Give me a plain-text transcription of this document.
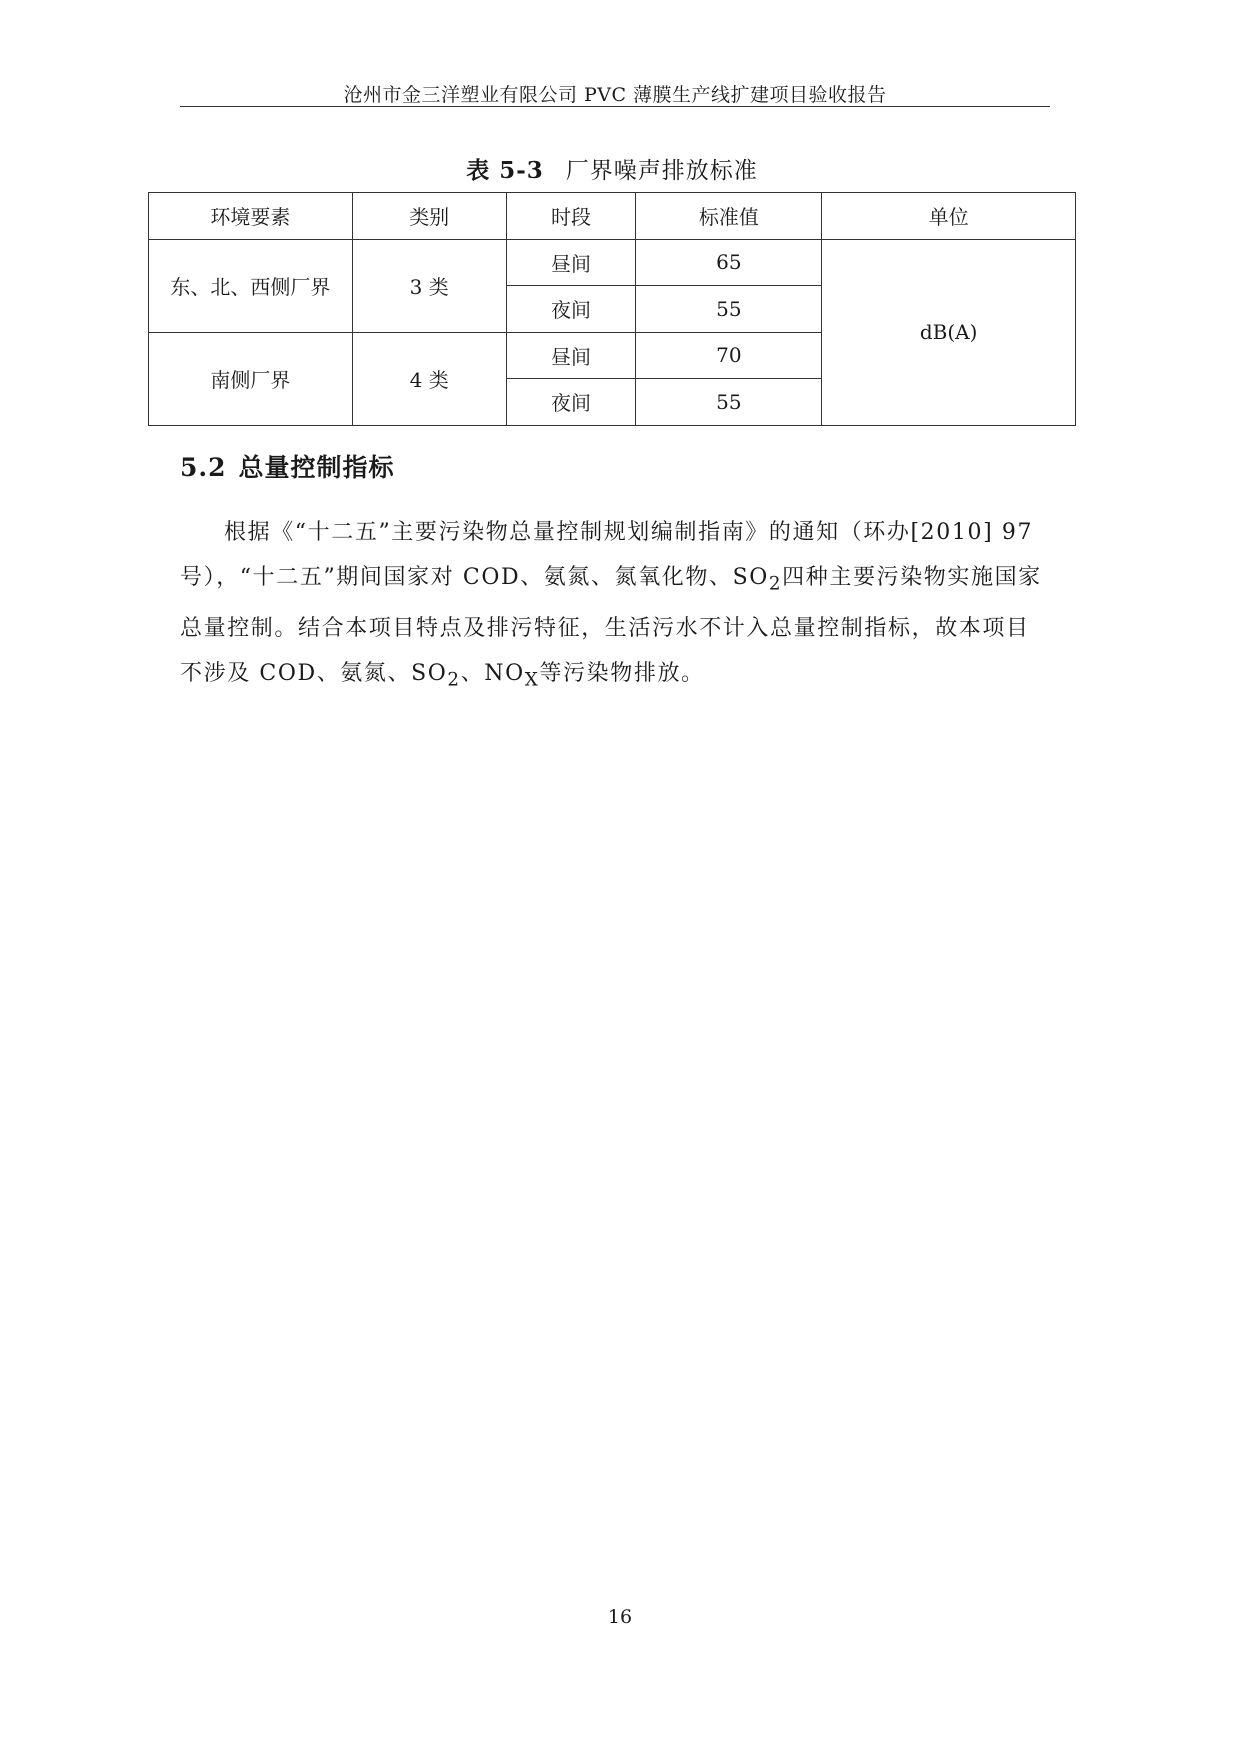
沧州市金三洋塑业有限公司 PVC 薄膜生产线扩建项目验收报告
表 5-3 厂界噪声排放标准
环境要素	类别	时段	标准值	单位
东、北、西侧厂界	3 类	昼间	65	dB(A)
		夜间	55	
南侧厂界	4 类	昼间	70	
		夜间	55	
5.2 总量控制指标

根据《“十二五”主要污染物总量控制规划编制指南》的通知（环办[2010] 97 号），“十二五”期间国家对 COD、氨氮、氮氧化物、$SO_2$四种主要污染物实施国家总量控制。结合本项目特点及排污特征，生活污水不计入总量控制指标，故本项目不涉及 COD、氨氮、$SO_2$、$NO_X$等污染物排放。

16
